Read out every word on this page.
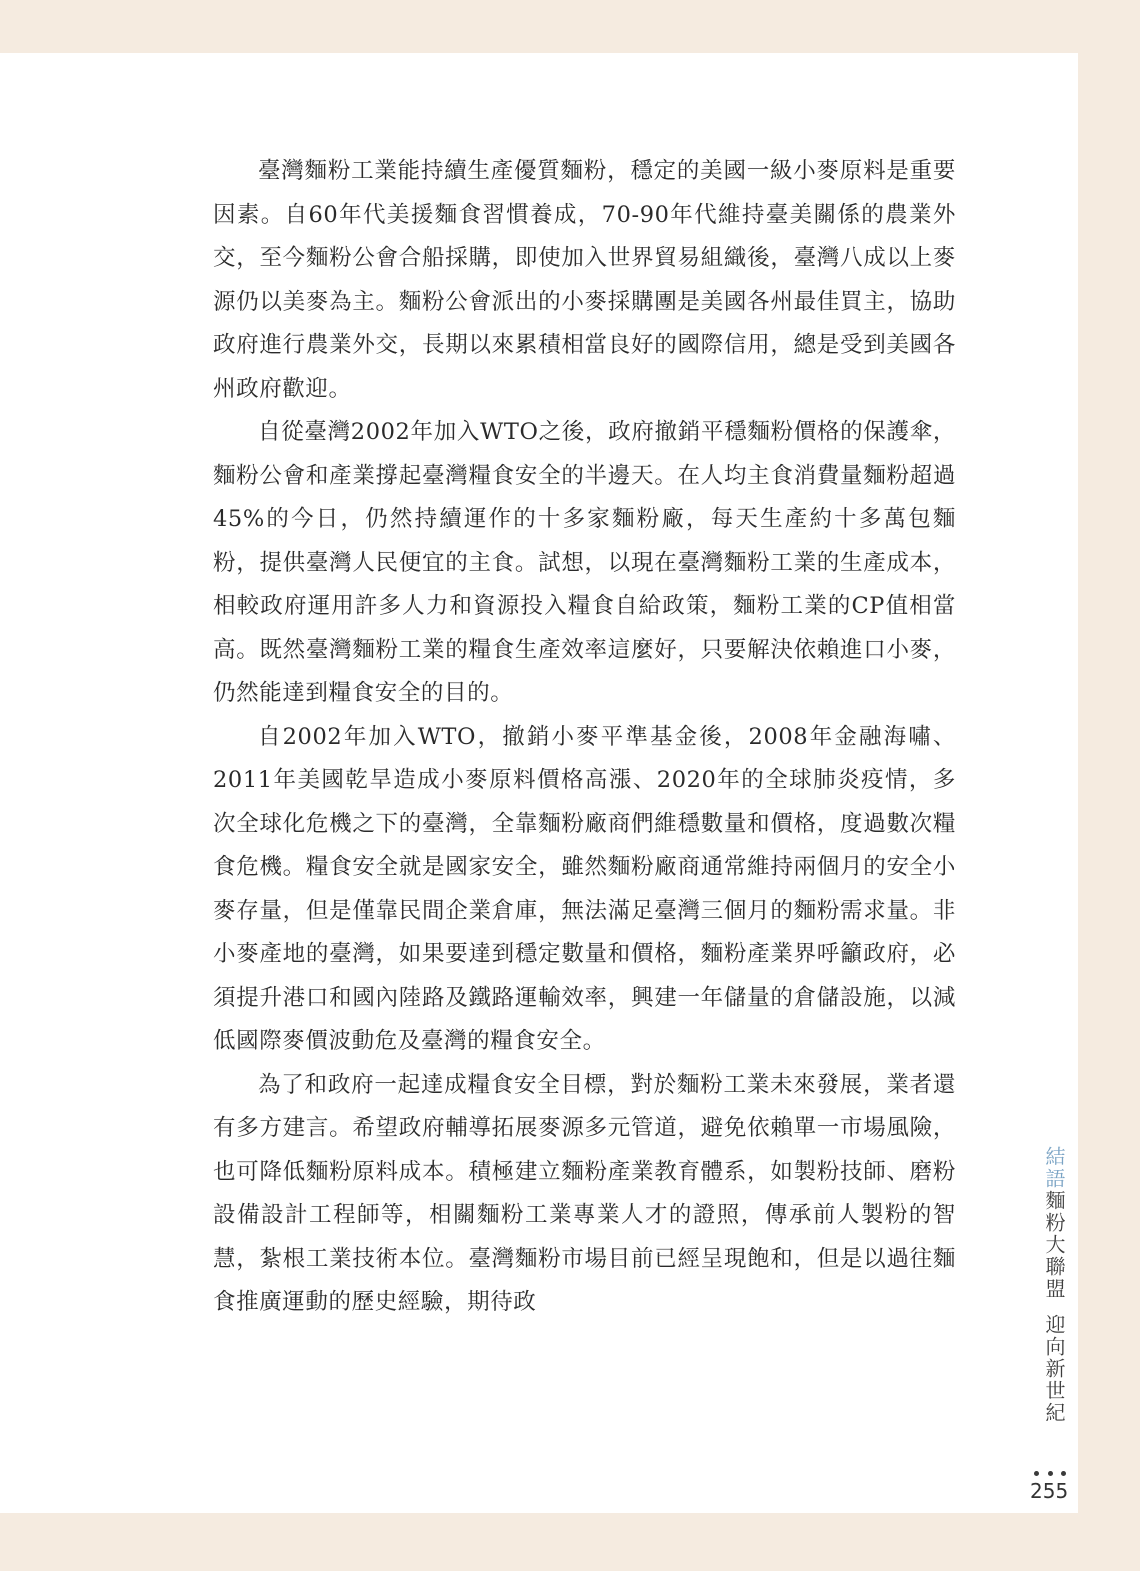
臺灣麵粉工業能持續生產優質麵粉，穩定的美國一級小麥原料是重要因素。自60年代美援麵食習慣養成，70-90年代維持臺美關係的農業外交，至今麵粉公會合船採購，即使加入世界貿易組織後，臺灣八成以上麥源仍以美麥為主。麵粉公會派出的小麥採購團是美國各州最佳買主，協助政府進行農業外交，長期以來累積相當良好的國際信用，總是受到美國各州政府歡迎。

自從臺灣2002年加入WTO之後，政府撤銷平穩麵粉價格的保護傘，麵粉公會和產業撐起臺灣糧食安全的半邊天。在人均主食消費量麵粉超過45%的今日，仍然持續運作的十多家麵粉廠，每天生產約十多萬包麵粉，提供臺灣人民便宜的主食。試想，以現在臺灣麵粉工業的生產成本，相較政府運用許多人力和資源投入糧食自給政策，麵粉工業的CP值相當高。既然臺灣麵粉工業的糧食生產效率這麼好，只要解決依賴進口小麥，仍然能達到糧食安全的目的。

自2002年加入WTO，撤銷小麥平準基金後，2008年金融海嘯、2011年美國乾旱造成小麥原料價格高漲、2020年的全球肺炎疫情，多次全球化危機之下的臺灣，全靠麵粉廠商們維穩數量和價格，度過數次糧食危機。糧食安全就是國家安全，雖然麵粉廠商通常維持兩個月的安全小麥存量，但是僅靠民間企業倉庫，無法滿足臺灣三個月的麵粉需求量。非小麥產地的臺灣，如果要達到穩定數量和價格，麵粉產業界呼籲政府，必須提升港口和國內陸路及鐵路運輸效率，興建一年儲量的倉儲設施，以減低國際麥價波動危及臺灣的糧食安全。

為了和政府一起達成糧食安全目標，對於麵粉工業未來發展，業者還有多方建言。希望政府輔導拓展麥源多元管道，避免依賴單一市場風險，也可降低麵粉原料成本。積極建立麵粉產業教育體系，如製粉技師、磨粉設備設計工程師等，相關麵粉工業專業人才的證照，傳承前人製粉的智慧，紮根工業技術本位。臺灣麵粉市場目前已經呈現飽和，但是以過往麵食推廣運動的歷史經驗，期待政

結語麵粉大聯盟迎向新世紀
255
